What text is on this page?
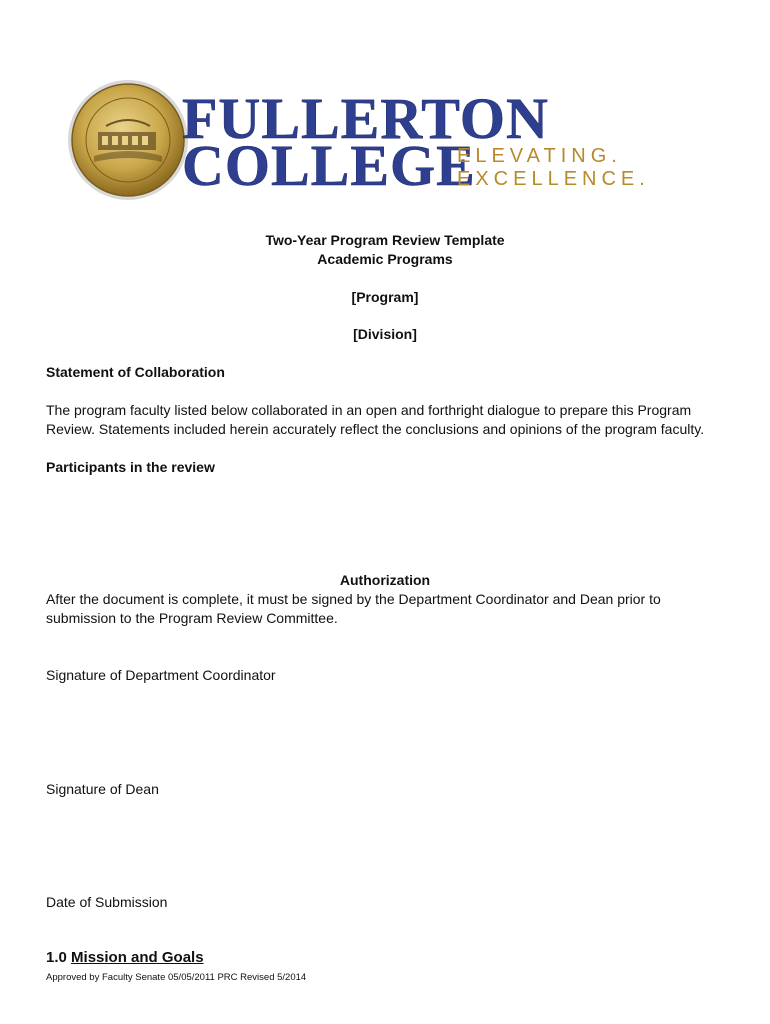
FULLERTON
COLLEGE
ELEVATING.
EXCELLENCE.
Two-Year Program Review Template
Academic Programs
[Program]
[Division]
Statement of Collaboration
The program faculty listed below collaborated in an open and forthright dialogue to prepare this Program
Review. Statements included herein accurately reflect the conclusions and opinions of the program faculty.
Participants in the review
Authorization
After the document is complete, it must be signed by the Department Coordinator and Dean prior to
submission to the Program Review Committee.
Signature of Department Coordinator
Signature of Dean
Date of Submission
1.0 Mission and Goals
Approved by Faculty Senate 05/05/2011 PRC Revised 5/2014
